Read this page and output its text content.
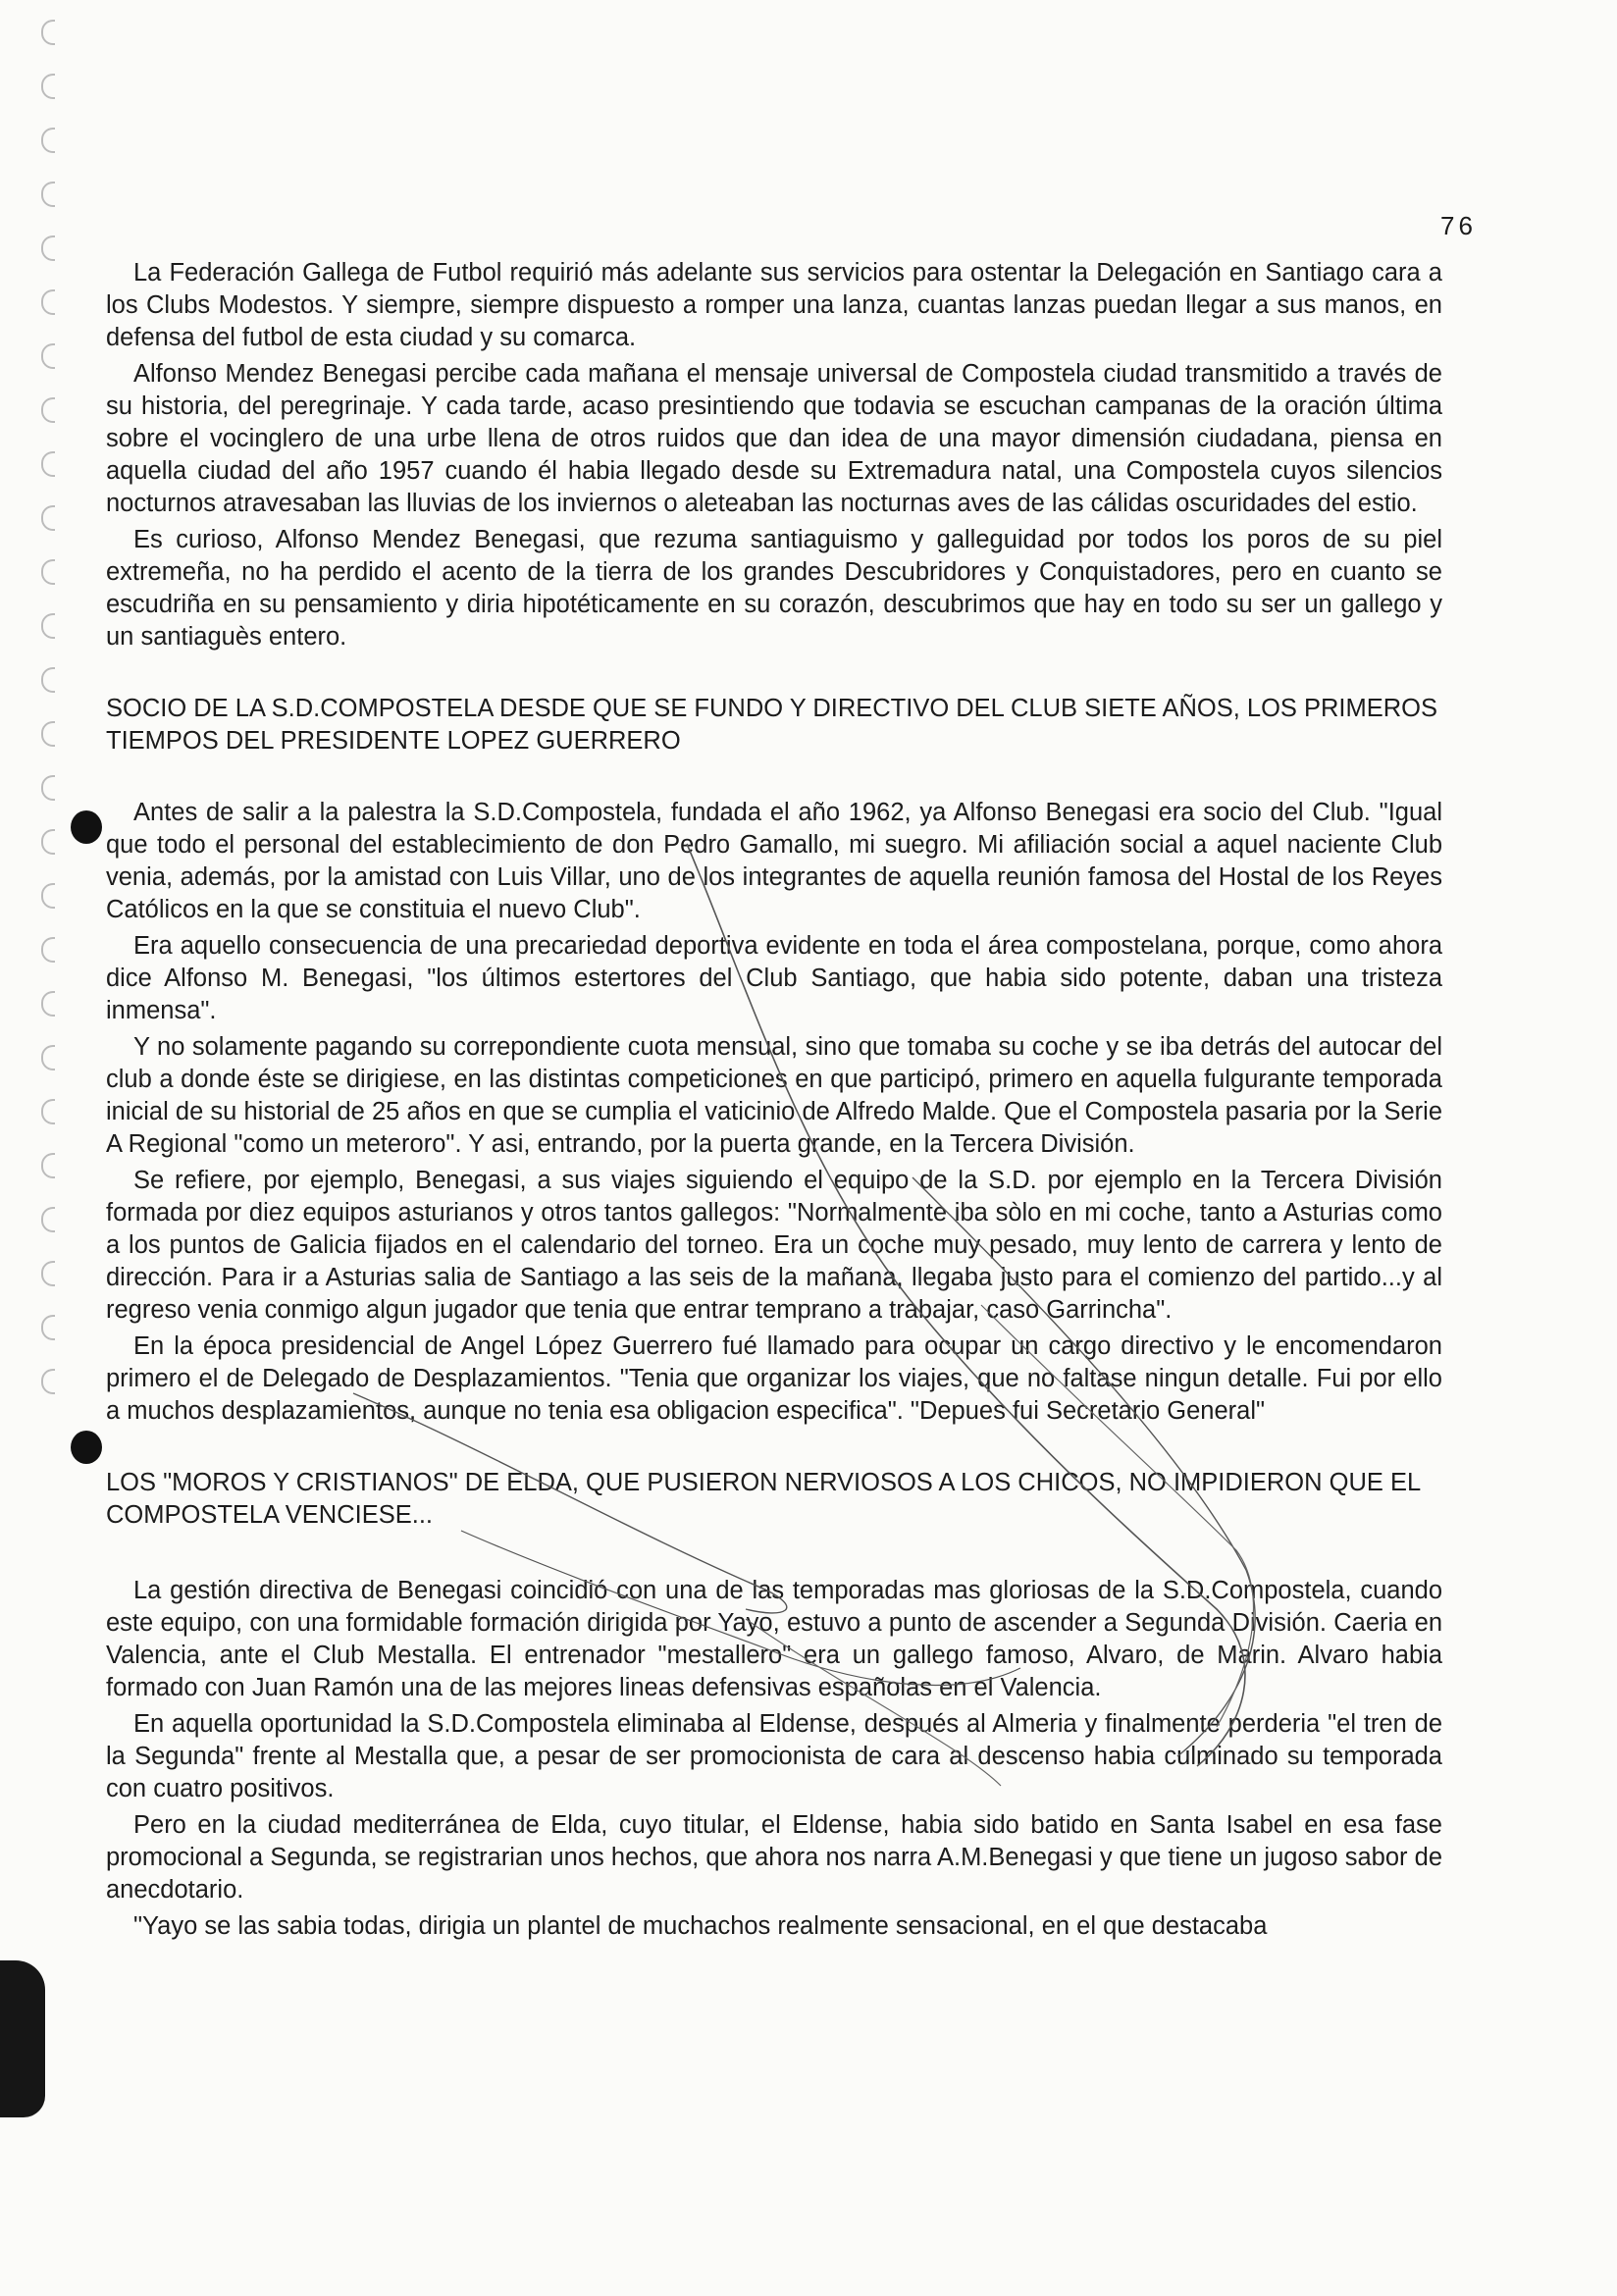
76

La Federación Gallega de Futbol requirió más adelante sus servicios para ostentar la Delegación en Santiago cara a los Clubs Modestos. Y siempre, siempre dispuesto a romper una lanza, cuantas lanzas puedan llegar a sus manos, en defensa del futbol de esta ciudad y su comarca.

Alfonso Mendez Benegasi percibe cada mañana el mensaje universal de Compostela ciudad transmitido a través de su historia, del peregrinaje. Y cada tarde, acaso presintiendo que todavia se escuchan campanas de la oración última sobre el vocinglero de una urbe llena de otros ruidos que dan idea de una mayor dimensión ciudadana, piensa en aquella ciudad del año 1957 cuando él habia llegado desde su Extremadura natal, una Compostela cuyos silencios nocturnos atravesaban las lluvias de los inviernos o aleteaban las nocturnas aves de las cálidas oscuridades del estio.

Es curioso, Alfonso Mendez Benegasi, que rezuma santiaguismo y galleguidad por todos los poros de su piel extremeña, no ha perdido el acento de la tierra de los grandes Descubridores y Conquistadores, pero en cuanto se escudriña en su pensamiento y diria hipotéticamente en su corazón, descubrimos que hay en todo su ser un gallego y un santiaguès entero.

SOCIO DE LA S.D.COMPOSTELA DESDE QUE SE FUNDO Y DIRECTIVO DEL CLUB SIETE AÑOS, LOS PRIMEROS TIEMPOS DEL PRESIDENTE LOPEZ GUERRERO

Antes de salir a la palestra la S.D.Compostela, fundada el año 1962, ya Alfonso Benegasi era socio del Club. "Igual que todo el personal del establecimiento de don Pedro Gamallo, mi suegro. Mi afiliación social a aquel naciente Club venia, además, por la amistad con Luis Villar, uno de los integrantes de aquella reunión famosa del Hostal de los Reyes Católicos en la que se constituia el nuevo Club".

Era aquello consecuencia de una precariedad deportiva evidente en toda el área compostelana, porque, como ahora dice Alfonso M. Benegasi, "los últimos estertores del Club Santiago, que habia sido potente, daban una tristeza inmensa".

Y no solamente pagando su correpondiente cuota mensual, sino que tomaba su coche y se iba detrás del autocar del club a donde éste se dirigiese, en las distintas competiciones en que participó, primero en aquella fulgurante temporada inicial de su historial de 25 años en que se cumplia el vaticinio de Alfredo Malde. Que el Compostela pasaria por la Serie A Regional "como un meteroro". Y asi, entrando, por la puerta grande, en la Tercera División.

Se refiere, por ejemplo, Benegasi, a sus viajes siguiendo el equipo de la S.D. por ejemplo en la Tercera División formada por diez equipos asturianos y otros tantos gallegos: "Normalmente iba sòlo en mi coche, tanto a Asturias como a los puntos de Galicia fijados en el calendario del torneo. Era un coche muy pesado, muy lento de carrera y lento de dirección. Para ir a Asturias salia de Santiago a las seis de la mañana, llegaba justo para el comienzo del partido...y al regreso venia conmigo algun jugador que tenia que entrar temprano a trabajar, caso Garrincha".

En la época presidencial de Angel López Guerrero fué llamado para ocupar un cargo directivo y le encomendaron primero el de Delegado de Desplazamientos. "Tenia que organizar los viajes, que no faltase ningun detalle. Fui por ello a muchos desplazamientos, aunque no tenia esa obligacion especifica". "Depues fui Secretario General"

LOS "MOROS Y CRISTIANOS" DE ELDA, QUE PUSIERON NERVIOSOS A LOS CHICOS, NO IMPIDIERON QUE EL COMPOSTELA VENCIESE...

La gestión directiva de Benegasi coincidió con una de las temporadas mas gloriosas de la S.D.Compostela, cuando este equipo, con una formidable formación dirigida por Yayo, estuvo a punto de ascender a Segunda División. Caeria en Valencia, ante el Club Mestalla. El entrenador "mestallero" era un gallego famoso, Alvaro, de Marin. Alvaro habia formado con Juan Ramón una de las mejores lineas defensivas españolas en el Valencia.

En aquella oportunidad la S.D.Compostela eliminaba al Eldense, después al Almeria y finalmente perderia "el tren de la Segunda" frente al Mestalla que, a pesar de ser promocionista de cara al descenso habia culminado su temporada con cuatro positivos.

Pero en la ciudad mediterránea de Elda, cuyo titular, el Eldense, habia sido batido en Santa Isabel en esa fase promocional a Segunda, se registrarian unos hechos, que ahora nos narra A.M.Benegasi y que tiene un jugoso sabor de anecdotario.

"Yayo se las sabia todas, dirigia un plantel de muchachos realmente sensacional, en el que destacaba
